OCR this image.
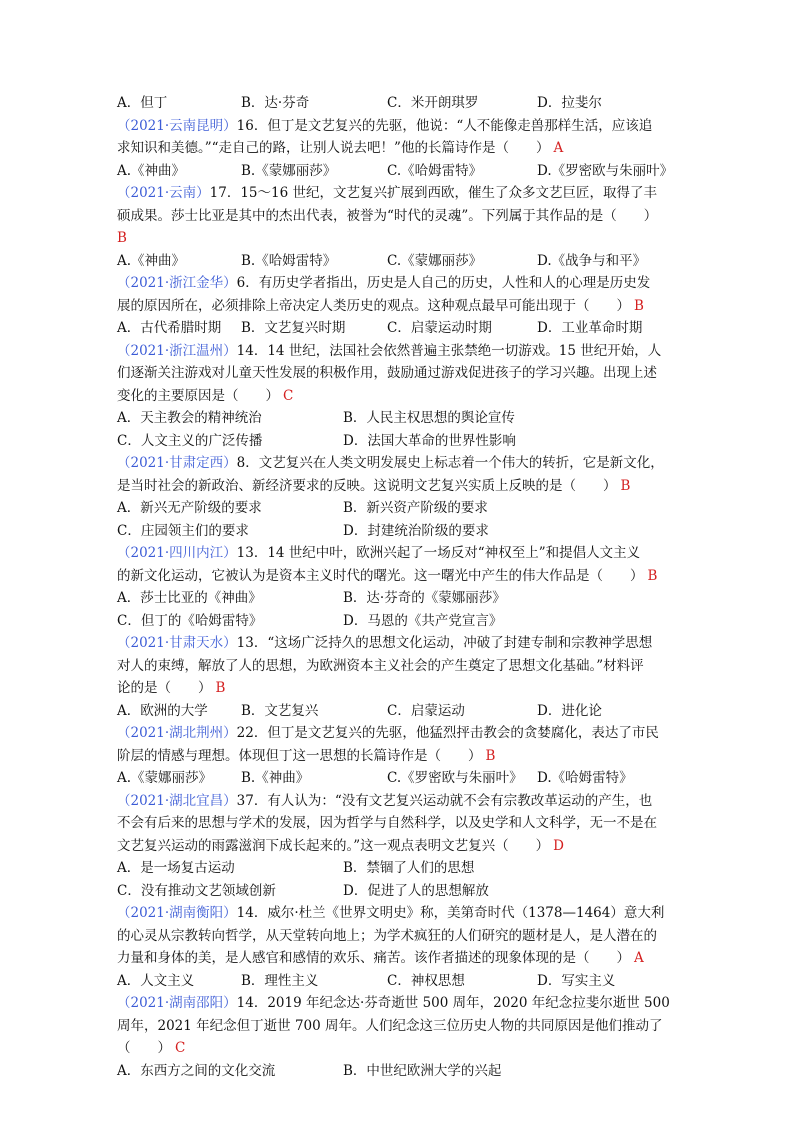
A．但丁	B．达·芬奇	C．米开朗琪罗	D．拉斐尔
（2021·云南昆明）16．但丁是文艺复兴的先驱，他说：“人不能像走兽那样生活，应该追
求知识和美德。”“走自己的路，让别人说去吧！”他的长篇诗作是（　　） A
A.《神曲》	B.《蒙娜丽莎》	C.《哈姆雷特》	D.《罗密欧与朱丽叶》
（2021·云南）17．15～16 世纪，文艺复兴扩展到西欧，催生了众多文艺巨匠，取得了丰
硕成果。莎士比亚是其中的杰出代表，被誉为“时代的灵魂”。下列属于其作品的是（　　）
B
A.《神曲》	B.《哈姆雷特》	C.《蒙娜丽莎》	D.《战争与和平》
（2021·浙江金华）6．有历史学者指出，历史是人自己的历史，人性和人的心理是历史发
展的原因所在，必须排除上帝决定人类历史的观点。这种观点最早可能出现于（　　） B
A．古代希腊时期 B．文艺复兴时期	C．启蒙运动时期	D．工业革命时期
（2021·浙江温州）14．14 世纪，法国社会依然普遍主张禁绝一切游戏。15 世纪开始，人
们逐渐关注游戏对儿童天性发展的积极作用，鼓励通过游戏促进孩子的学习兴趣。出现上述
变化的主要原因是（　　） C
A．天主教会的精神统治	B．人民主权思想的舆论宣传
C．人文主义的广泛传播	D．法国大革命的世界性影响
（2021·甘肃定西）8．文艺复兴在人类文明发展史上标志着一个伟大的转折，它是新文化，
是当时社会的新政治、新经济要求的反映。这说明文艺复兴实质上反映的是（　　） B
A．新兴无产阶级的要求	B．新兴资产阶级的要求
C．庄园领主们的要求	D．封建统治阶级的要求
（2021·四川内江）13．14 世纪中叶，欧洲兴起了一场反对“神权至上”和提倡人文主义
的新文化运动，它被认为是资本主义时代的曙光。这一曙光中产生的伟大作品是（　　） B
A．莎士比亚的《神曲》	B．达·芬奇的《蒙娜丽莎》
C．但丁的《哈姆雷特》	D．马恩的《共产党宣言》
（2021·甘肃天水）13．“这场广泛持久的思想文化运动，冲破了封建专制和宗教神学思想
对人的束缚，解放了人的思想，为欧洲资本主义社会的产生奠定了思想文化基础。”材料评
论的是（　　） B
A．欧洲的大学 B．文艺复兴	C．启蒙运动	D．进化论
（2021·湖北荆州）22．但丁是文艺复兴的先驱，他猛烈抨击教会的贪婪腐化，表达了市民
阶层的情感与理想。体现但丁这一思想的长篇诗作是（　　） B
A.《蒙娜丽莎》 B.《神曲》	C.《罗密欧与朱丽叶》 D.《哈姆雷特》
（2021·湖北宜昌）37．有人认为：“没有文艺复兴运动就不会有宗教改革运动的产生，也
不会有后来的思想与学术的发展，因为哲学与自然科学，以及史学和人文科学，无一不是在
文艺复兴运动的雨露滋润下成长起来的。”这一观点表明文艺复兴（　　） D
A．是一场复古运动	B．禁锢了人们的思想
C．没有推动文艺领域创新	D．促进了人的思想解放
（2021·湖南衡阳）14．威尔·杜兰《世界文明史》称，美第奇时代（1378—1464）意大利
的心灵从宗教转向哲学，从天堂转向地上；为学术疯狂的人们研究的题材是人，是人潜在的
力量和身体的美，是人感官和感情的欢乐、痛苦。该作者描述的现象体现的是（　　） A
A．人文主义	B．理性主义	C．神权思想	D．写实主义
（2021·湖南邵阳）14．2019 年纪念达·芬奇逝世 500 周年，2020 年纪念拉斐尔逝世 500
周年，2021 年纪念但丁逝世 700 周年。人们纪念这三位历史人物的共同原因是他们推动了
（　　） C
A．东西方之间的文化交流	B．中世纪欧洲大学的兴起
